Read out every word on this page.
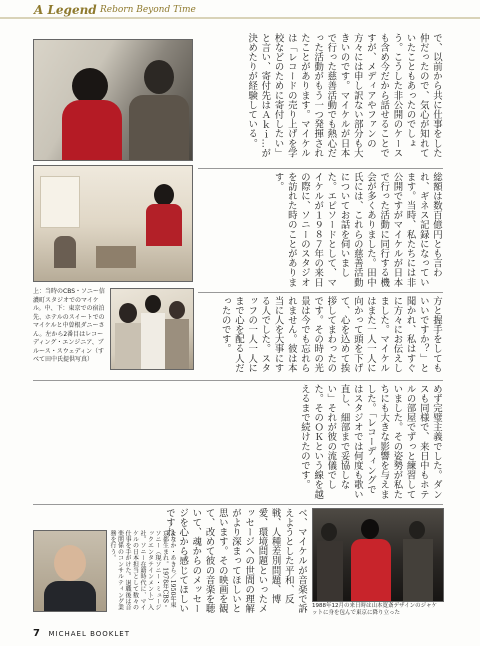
A Legend Reborn Beyond Time
上：当時のCBS・ソニー信濃町スタジオでのマイケル。中、下：東京での宿泊先、ホテルのスイートでのマイケルと中曽根ダニーさん。左から2番目はレコーディング・エンジニア、ブルース・スウェディン（すべて田中氏提供写真）
1988年12月の来日時は山本寛斎デザインのジャケットに身を包んで東京に降り立った
たなか・あきら／1950年東京都生まれ。1978年CBS・ソニー（現ソニー・ミュージックエンタテインメント）入社。ソニー在籍時代に、マイケルの日本担当として数々の仕事を手がけた。退職後は音楽関係のコンサルティング業務を行う。
で、以前から共に仕事をした仲だったので、気心が知れていたこともあったのでしょう。こうした非公開のケースも含め今だから話せることですが、メディアやファンの方々には申し訳ない部分も大きいのです。マイケルが日本で行った慈善活動でも熱心だった活動がもう一つ発揮されたことがあります。マイケルは「レコードの売り上げを学校などのために寄付したい」と言い、寄付先はＡｋｉ…が決めたりが経験している。
総額は数百億円とも言われ、ギネス記録になっています。当時、私たちには非公開ですがマイケルが日本で行った活動に同行する機会が多くありました。田中氏には、これらの慈善活動についてお話を伺いました。エピソードとして、マイケルが１９８７年の来日の際に、ソニーのスタジオを訪れた時のことがあります。
方と握手をしてもいいですか？」と聞かれ、私はすぐに方々にお伝えしました。マイケルはまた一人一人に向かって頭を下げて、心を込めて挨拶してまわったのです。その時の光景は今でも忘れられません。彼は本当に人を大事にする人でした。スタッフの一人一人にまで心を配る人だったのです。
めず完璧主義でした。ダンスも同様で、来日中もホテルの部屋でずっと練習していました。その姿勢が私たちにも大きな影響を与えました。「レコーディングではスタジオでは何度も歌い直し、細部まで妥協しない」それが彼の流儀でした。そのＯＫという線を越えるまで続けたのです。
ベ、マイケルが音楽で訴えようとした平和、反戦、人種差別問題、博愛、環境問題といったメッセージへの世間の理解がより深まってほしいと思います。その映画を観て、改めて彼の音楽を聴いて、魂からのメッセージを心から感じてほしいですね。
7 MICHAEL BOOKLET
